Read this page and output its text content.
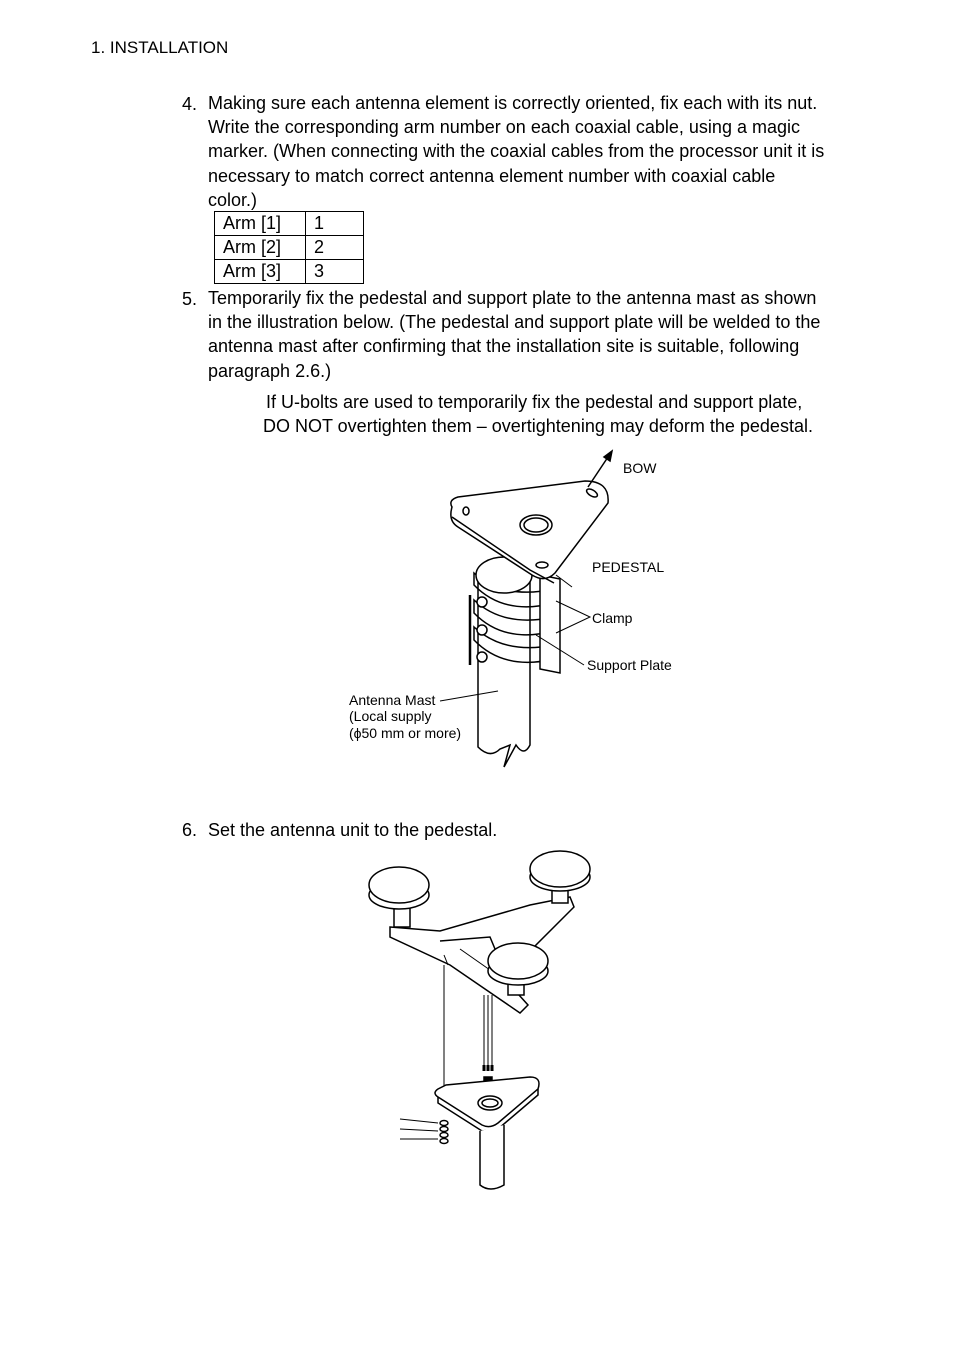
1. INSTALLATION
4. Making sure each antenna element is correctly oriented, fix each with its nut.
Write the corresponding arm number on each coaxial cable, using a magic
marker. (When connecting with the coaxial cables from the processor unit it is
necessary to match correct antenna element number with coaxial cable
color.)
Arm [1]	1
Arm [2]	2
Arm [3]	3
5. Temporarily fix the pedestal and support plate to the antenna mast as shown
in the illustration below. (The pedestal and support plate will be welded to the
antenna mast after confirming that the installation site is suitable, following
paragraph 2.6.)
If U-bolts are used to temporarily fix the pedestal and support plate,
DO NOT overtighten them – overtightening may deform the pedestal.
BOW
PEDESTAL
Clamp
Support Plate
Antenna Mast
(Local supply
(ϕ50 mm or more)
6. Set the antenna unit to the pedestal.
